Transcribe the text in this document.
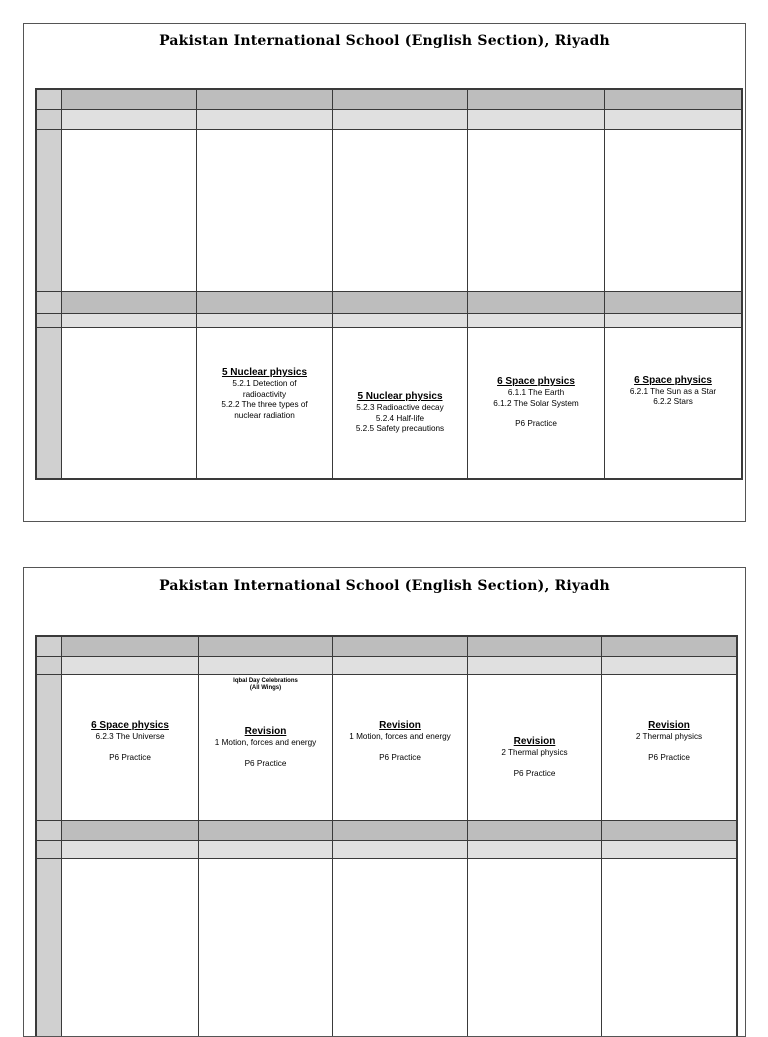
Pakistan International School (English Section), Riyadh
5 Nuclear physics
5.2.1 Detection of
radioactivity
5.2.2 The three types of
nuclear radiation
5 Nuclear physics
5.2.3 Radioactive decay
5.2.4 Half-life
5.2.5 Safety precautions
6 Space physics
6.1.1 The Earth
6.1.2 The Solar System
P6 Practice
6 Space physics
6.2.1 The Sun as a Star
6.2.2 Stars
Pakistan International School (English Section), Riyadh
6 Space physics
6.2.3 The Universe
P6 Practice
Iqbal Day Celebrations
(All Wings)
Revision
1 Motion, forces and energy
P6 Practice
Revision
1 Motion, forces and energy
P6 Practice
Revision
2 Thermal physics
P6 Practice
Revision
2 Thermal physics
P6 Practice
